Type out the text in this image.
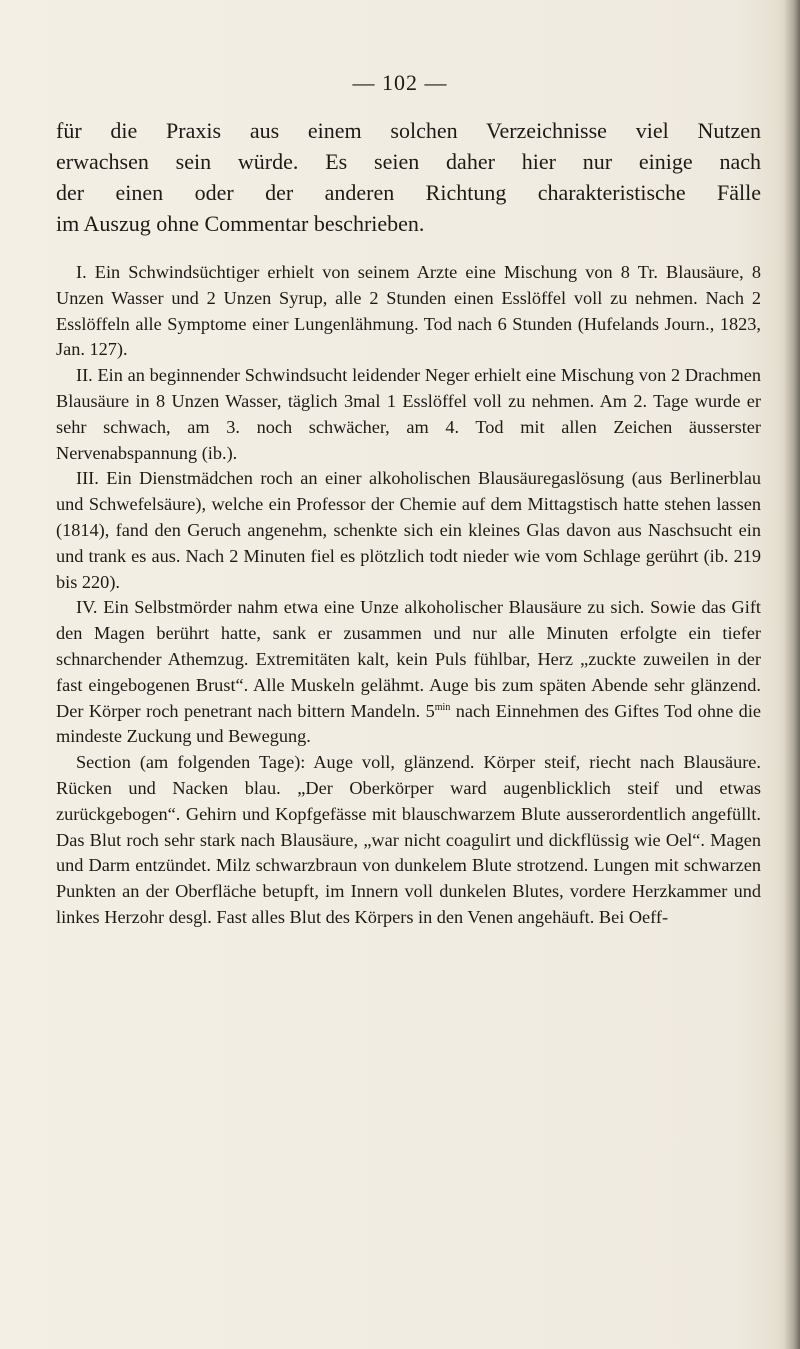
— 102 —
für die Praxis aus einem solchen Verzeichnisse viel Nutzen
erwachsen sein würde. Es seien daher hier nur einige nach
der einen oder der anderen Richtung charakteristische Fälle
im Auszug ohne Commentar beschrieben.

I. Ein Schwindsüchtiger erhielt von seinem Arzte eine Mischung von 8 Tr. Blausäure, 8 Unzen Wasser und 2 Unzen Syrup, alle 2 Stunden einen Esslöffel voll zu nehmen. Nach 2 Esslöffeln alle Symptome einer Lungenlähmung. Tod nach 6 Stunden (Hufelands Journ., 1823, Jan. 127).

II. Ein an beginnender Schwindsucht leidender Neger erhielt eine Mischung von 2 Drachmen Blausäure in 8 Unzen Wasser, täglich 3mal 1 Esslöffel voll zu nehmen. Am 2. Tage wurde er sehr schwach, am 3. noch schwächer, am 4. Tod mit allen Zeichen äusserster Nervenabspannung (ib.).

III. Ein Dienstmädchen roch an einer alkoholischen Blausäuregaslösung (aus Berlinerblau und Schwefelsäure), welche ein Professor der Chemie auf dem Mittagstisch hatte stehen lassen (1814), fand den Geruch angenehm, schenkte sich ein kleines Glas davon aus Naschsucht ein und trank es aus. Nach 2 Minuten fiel es plötzlich todt nieder wie vom Schlage gerührt (ib. 219 bis 220).

IV. Ein Selbstmörder nahm etwa eine Unze alkoholischer Blausäure zu sich. Sowie das Gift den Magen berührt hatte, sank er zusammen und nur alle Minuten erfolgte ein tiefer schnarchender Athemzug. Extremitäten kalt, kein Puls fühlbar, Herz „zuckte zuweilen in der fast eingebogenen Brust“. Alle Muskeln gelähmt. Auge bis zum späten Abende sehr glänzend. Der Körper roch penetrant nach bittern Mandeln. $5^{min}$ nach Einnehmen des Giftes Tod ohne die mindeste Zuckung und Bewegung.

Section (am folgenden Tage): Auge voll, glänzend. Körper steif, riecht nach Blausäure. Rücken und Nacken blau. „Der Oberkörper ward augenblicklich steif und etwas zurückgebogen“. Gehirn und Kopfgefässe mit blauschwarzem Blute ausserordentlich angefüllt. Das Blut roch sehr stark nach Blausäure, „war nicht coagulirt und dickflüssig wie Oel“. Magen und Darm entzündet. Milz schwarzbraun von dunkelem Blute strotzend. Lungen mit schwarzen Punkten an der Oberfläche betupft, im Innern voll dunkelen Blutes, vordere Herzkammer und linkes Herzohr desgl. Fast alles Blut des Körpers in den Venen angehäuft. Bei Oeff-
